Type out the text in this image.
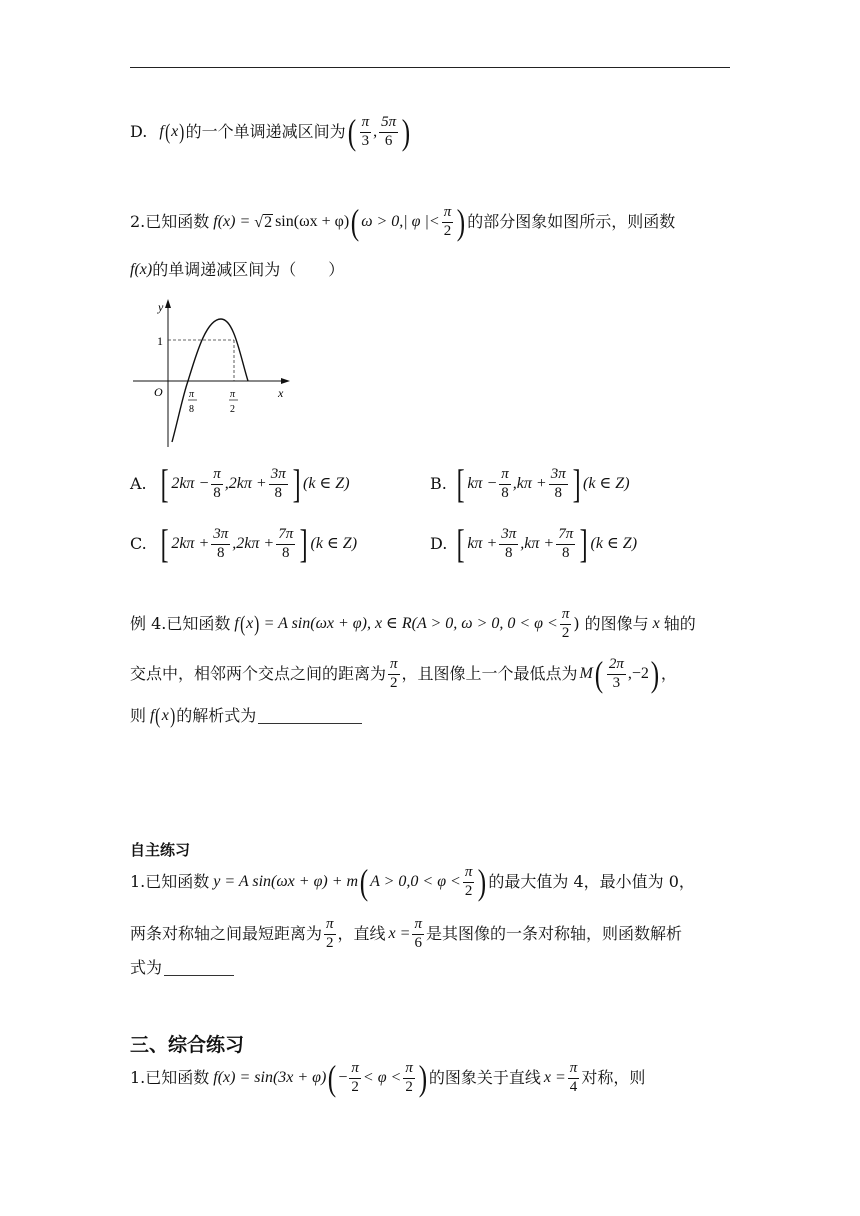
D. f ( x ) 的一个单调递减区间为 ( $\frac{\pi}{3}$ , $\frac{5\pi}{6}$ )
2.已知函数 f(x) = √ 2 sin(ωx + φ) ( ω > 0,| φ |< $\frac{\pi}{2}$ ) 的部分图象如图所示，则函数
f(x) 的单调递减区间为（　　）
y
x
O
1
π
8
π
2
A. [ $2k\pi - \frac{\pi}{8} ,2k\pi + \frac{3\pi}{8}$ ] (k ∈ Z)	B. [ $k\pi - \frac{\pi}{8} ,k\pi + \frac{3\pi}{8}$ ] (k ∈ Z)
C. [ $2k\pi + \frac{3\pi}{8} ,2k\pi + \frac{7\pi}{8}$ ] (k ∈ Z)	D. [ $k\pi + \frac{3\pi}{8} ,k\pi + \frac{7\pi}{8}$ ] (k ∈ Z)
例 4.已知函数 f ( x ) = A sin(ωx + φ), x ∈ R(A > 0, ω > 0, $0 < \varphi < \frac{\pi}{2}$ ) 的图像与 x 轴的
交点中，相邻两个交点之间的距离为 $\frac{\pi}{2}$ ，且图像上一个最低点为 M ( $\frac{2\pi}{3} ,-2$ ) ，
则 f ( x ) 的解析式为
自主练习
1.已知函数 y = A sin(ωx + φ) + m ( $A > 0,0 < \varphi < \frac{\pi}{2}$ ) 的最大值为 4，最小值为 0，
两条对称轴之间最短距离为 $\frac{\pi}{2}$ ，直线 $x = \frac{\pi}{6}$ 是其图像的一条对称轴，则函数解析
式为
三、综合练习
1.已知函数 f(x) = sin(3x + φ) ( − $\frac{\pi}{2} < \varphi < \frac{\pi}{2}$ ) 的图象关于直线 $x = \frac{\pi}{4}$ 对称，则
